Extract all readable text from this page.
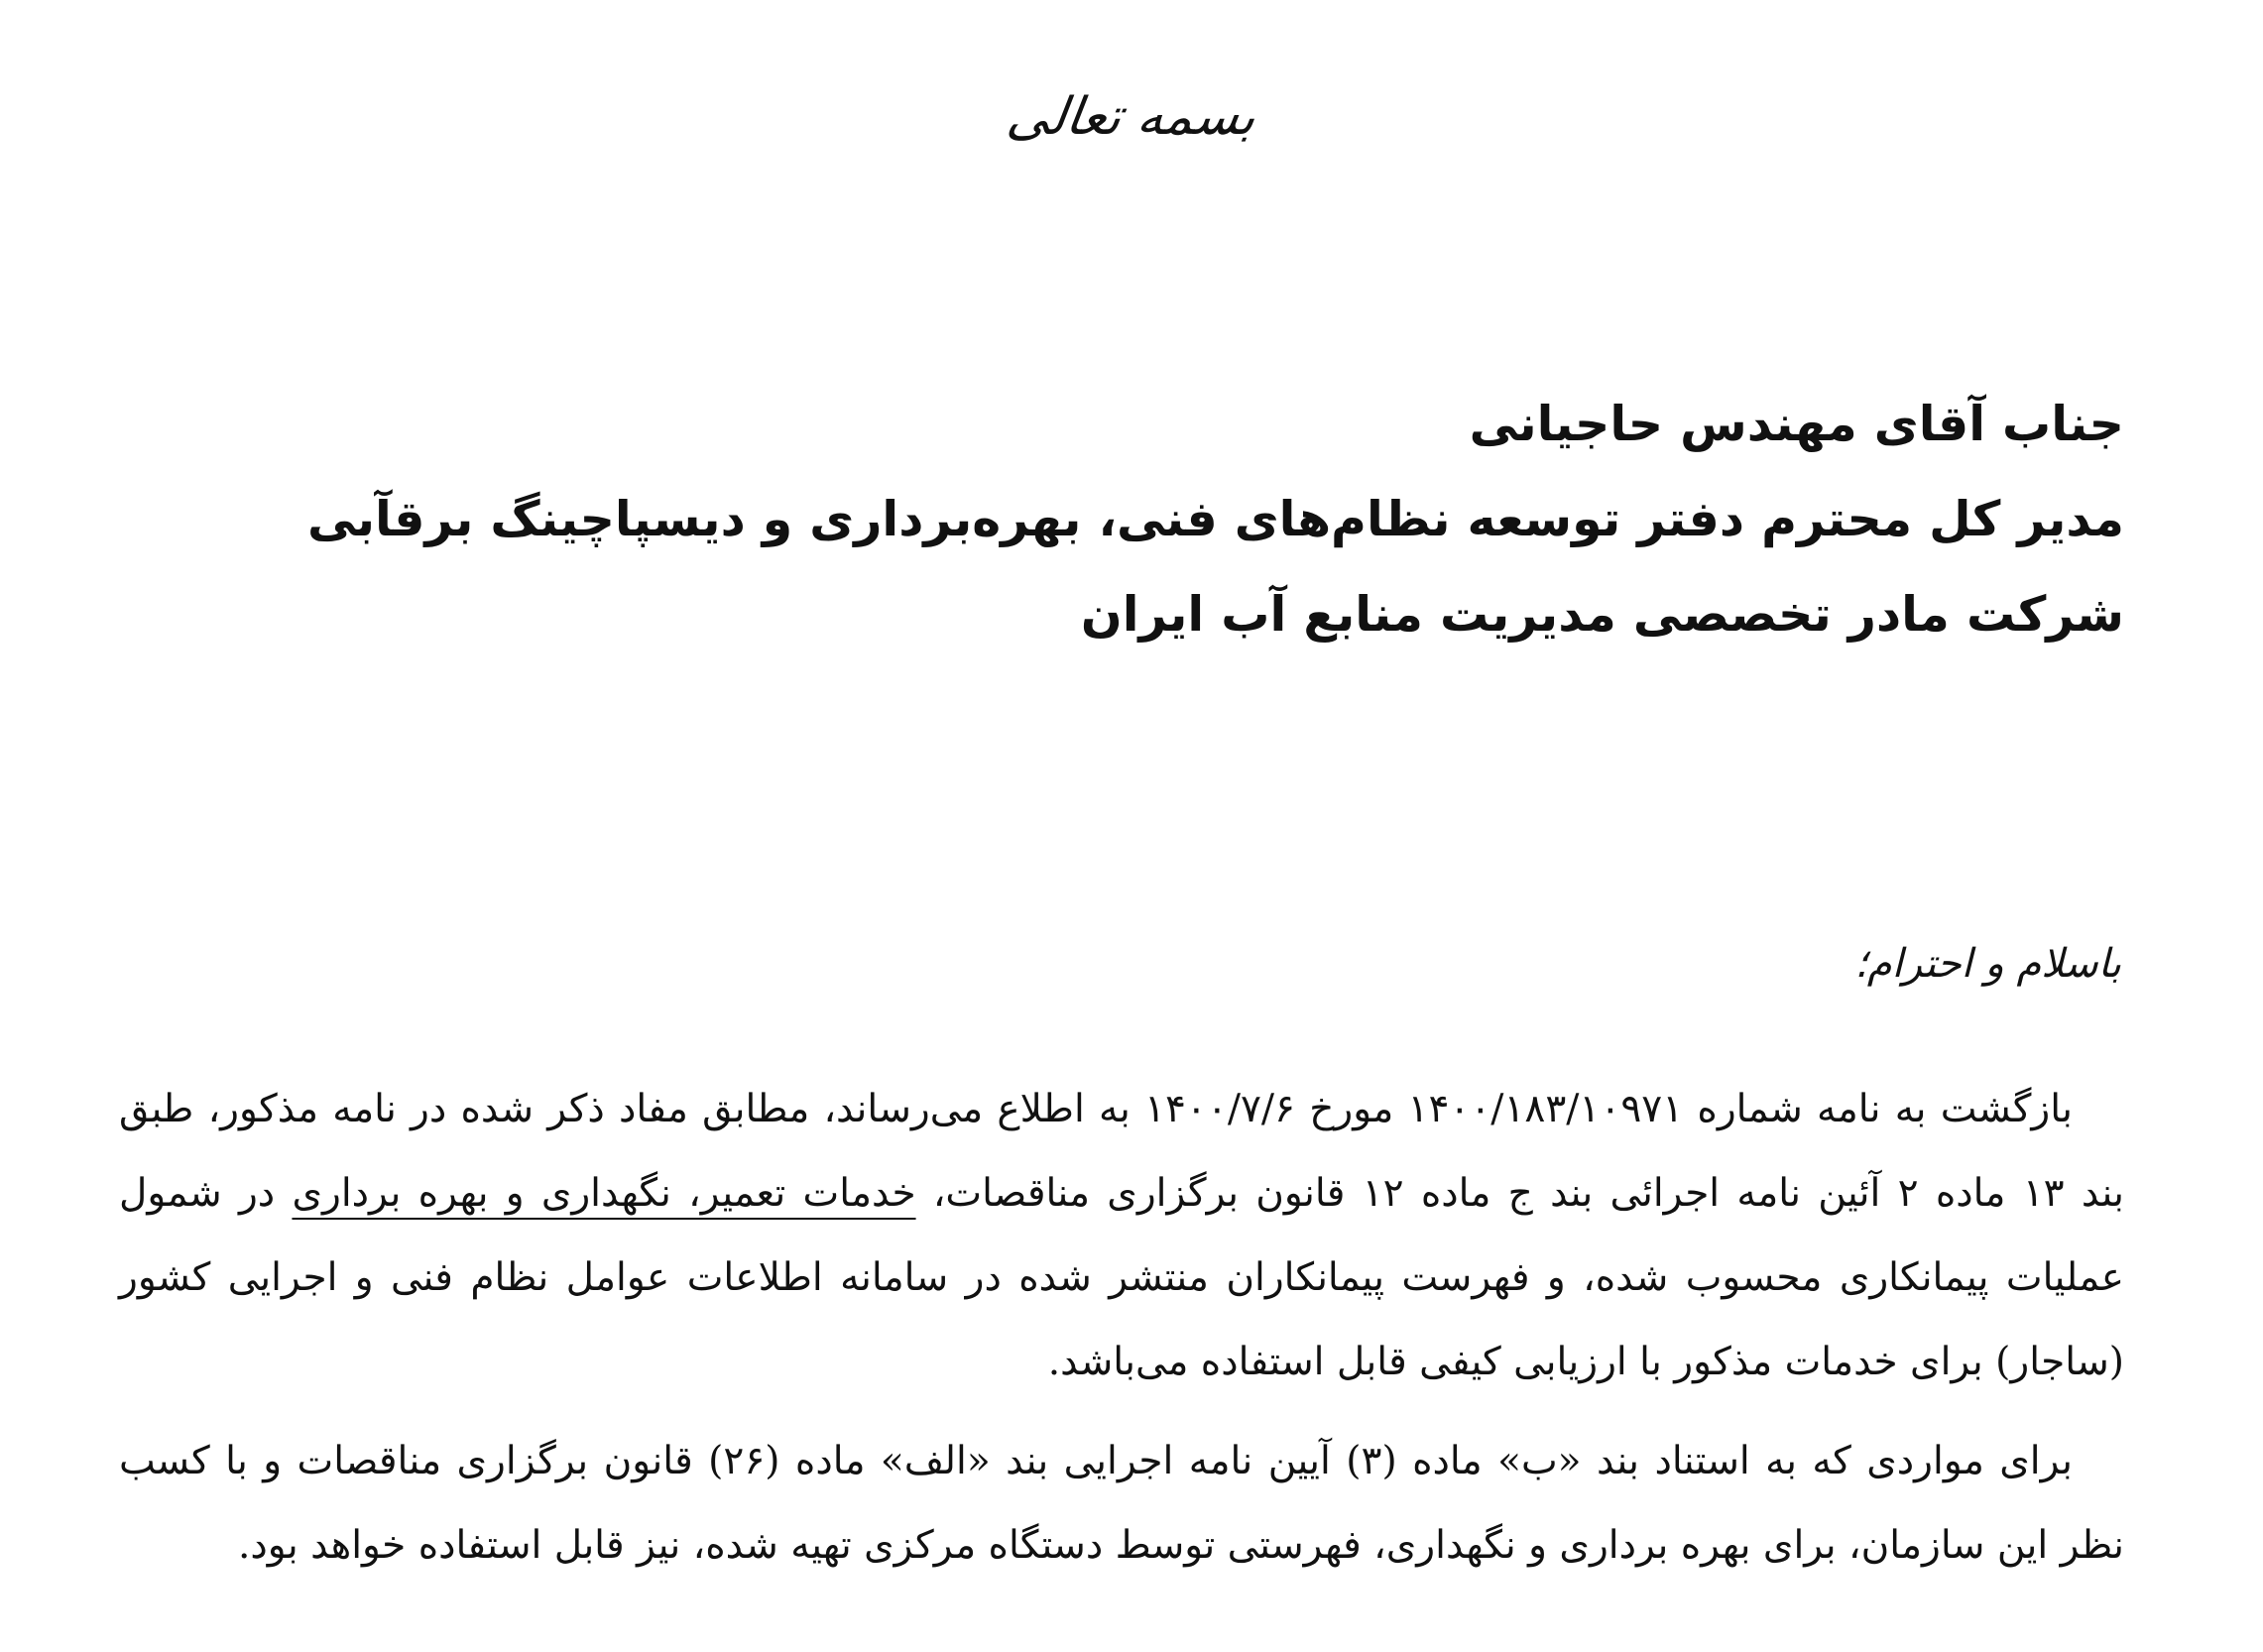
بسمه تعالی
جناب آقای مهندس حاجیانی
مدیر کل محترم دفتر توسعه نظام‌های فنی، بهره‌برداری و دیسپاچینگ برقآبی
شرکت مادر تخصصی مدیریت منابع آب ایران
باسلام و احترام؛

بازگشت به نامه شماره ۱۴۰۰/۱۸۳/۱۰۹۷۱ مورخ ۱۴۰۰/۷/۶ به اطلاع می‌رساند، مطابق مفاد ذکر شده در نامه مذکور، طبق بند ۱۳ ماده ۲ آئین نامه اجرائی بند ج ماده ۱۲ قانون برگزاری مناقصات، خدمات تعمیر، نگهداری و بهره برداری در شمول عملیات پیمانکاری محسوب شده، و فهرست پیمانکاران منتشر شده در سامانه اطلاعات عوامل نظام فنی و اجرایی کشور (ساجار) برای خدمات مذکور با ارزیابی کیفی قابل استفاده می‌باشد.

برای مواردی که به استناد بند «ب» ماده (۳) آیین نامه اجرایی بند «الف» ماده (۲۶) قانون برگزاری مناقصات و با کسب نظر این سازمان، برای بهره برداری و نگهداری، فهرستی توسط دستگاه مرکزی تهیه شده، نیز قابل استفاده خواهد بود.
